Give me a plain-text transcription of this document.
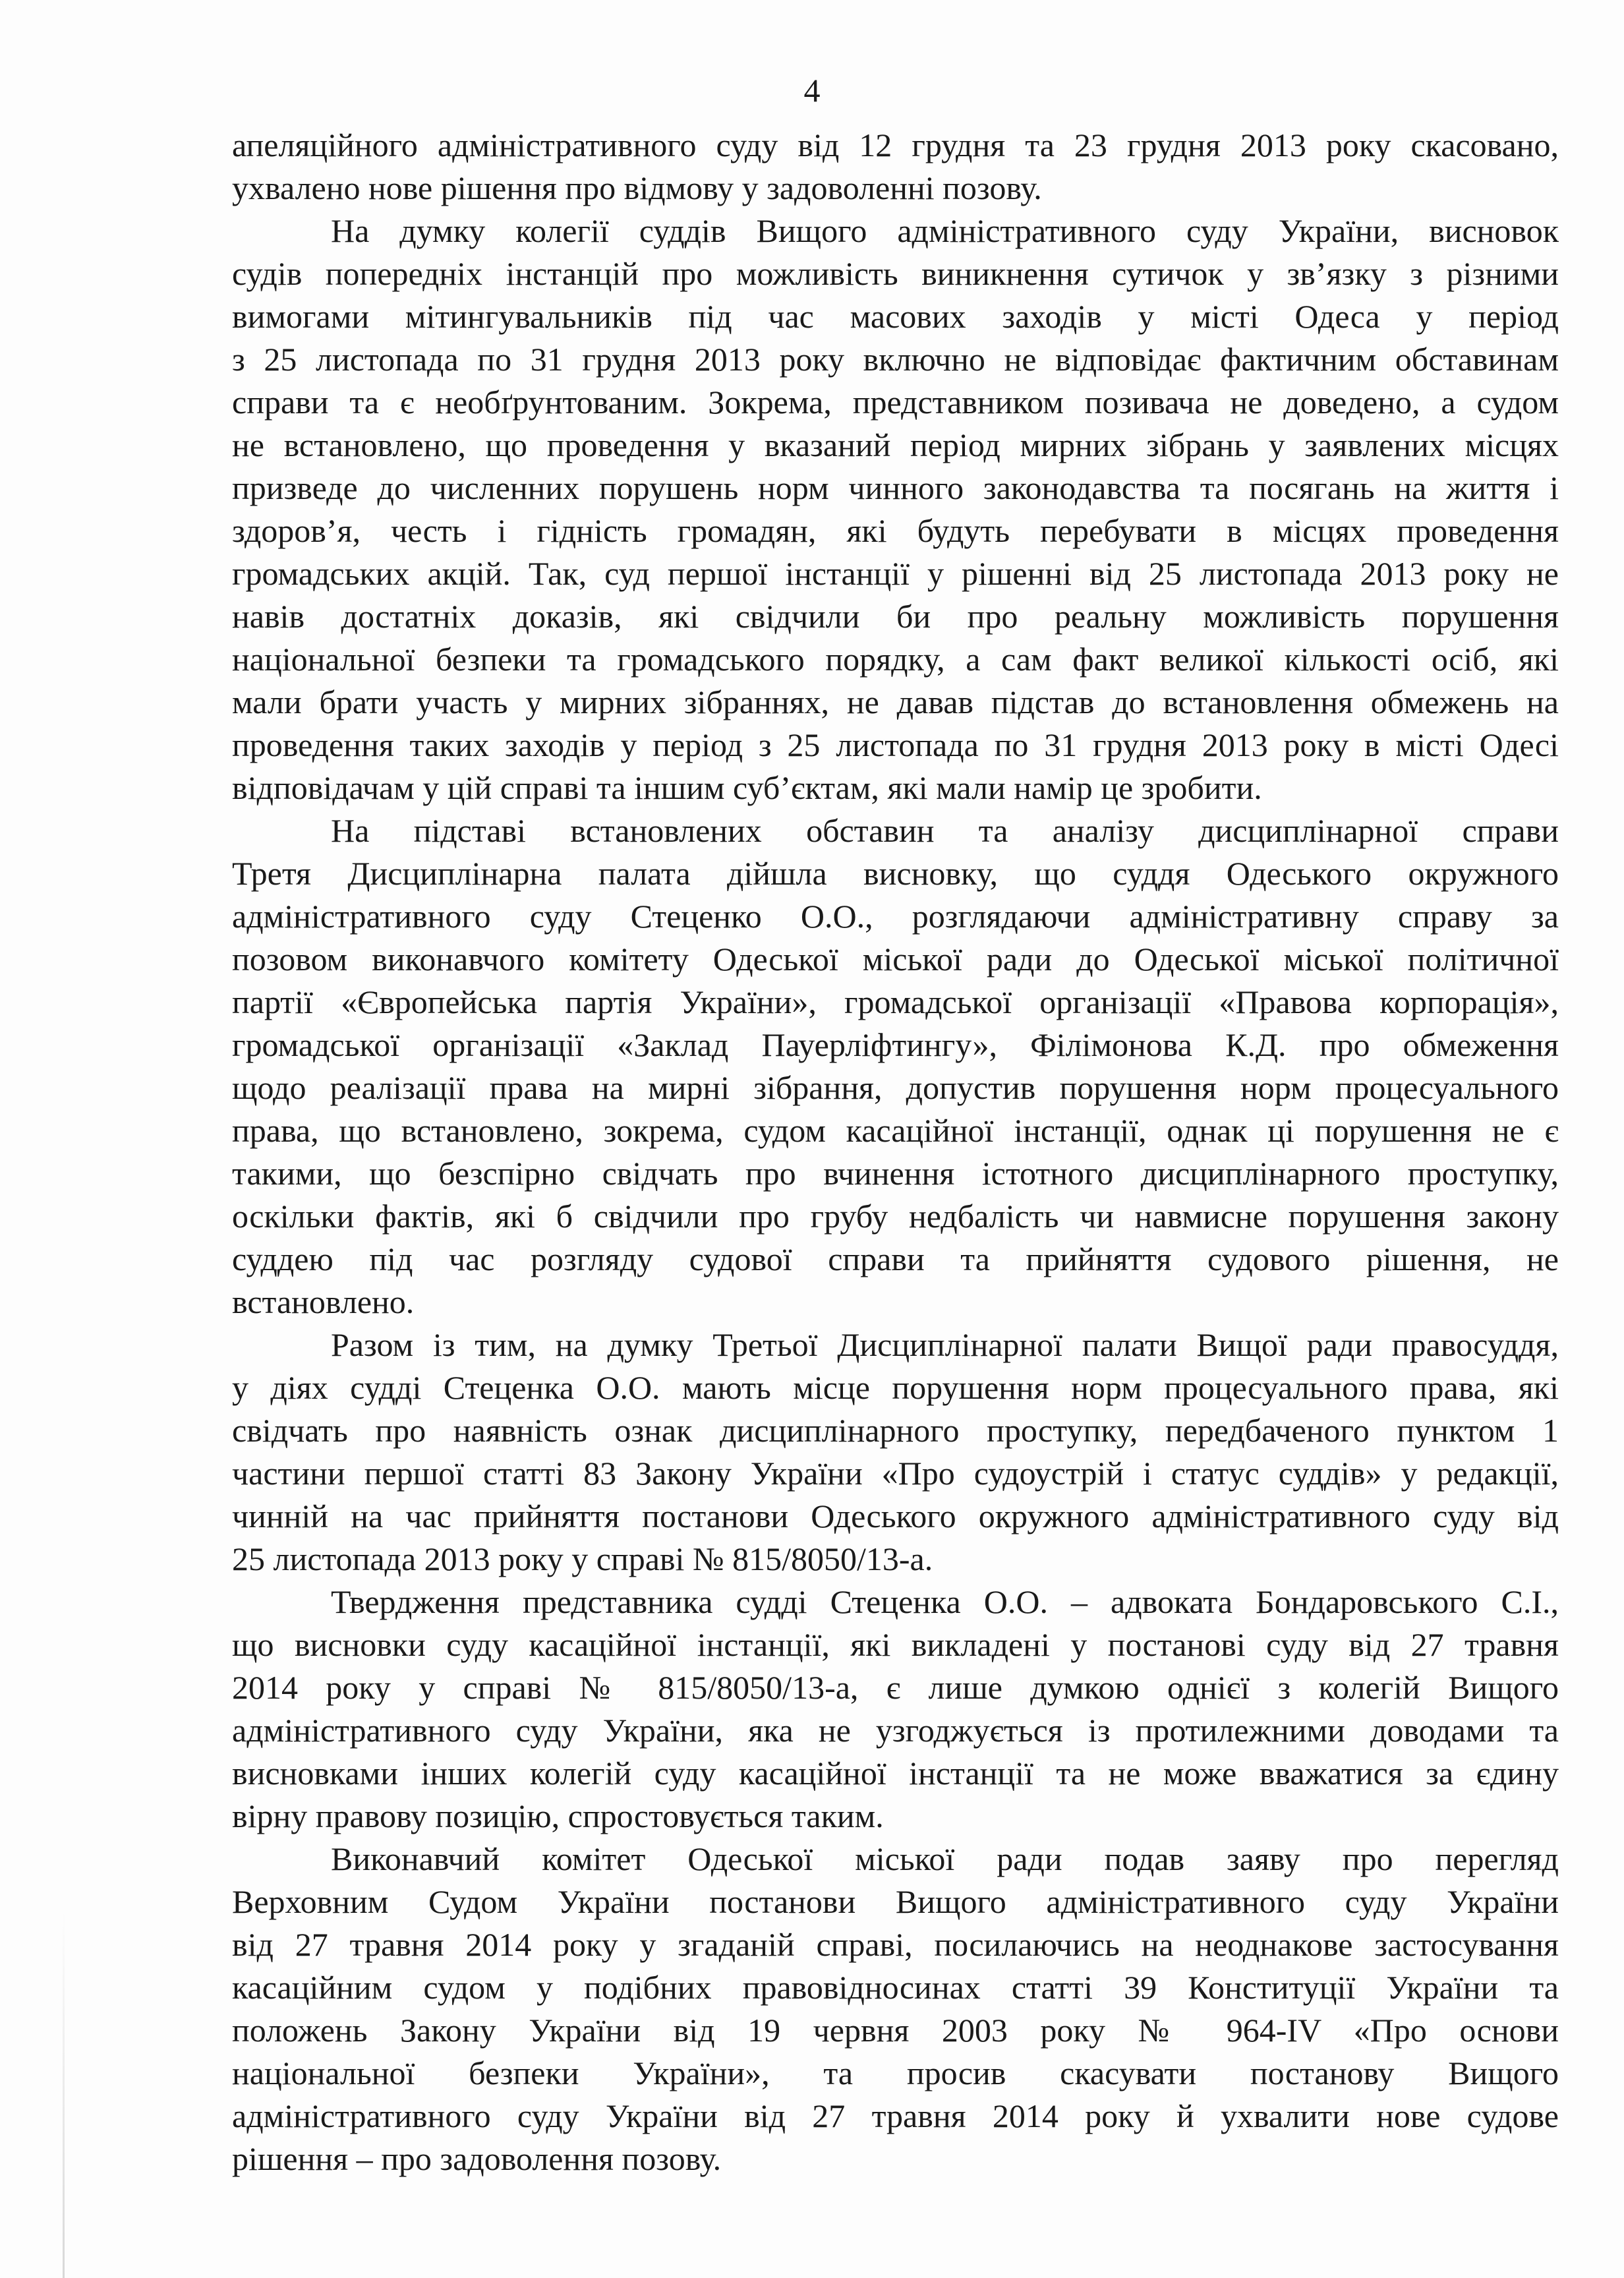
4
апеляційного адміністративного суду від 12 грудня та 23 грудня 2013 року скасовано,
ухвалено нове рішення про відмову у задоволенні позову.
На думку колегії суддів Вищого адміністративного суду України, висновок
судів попередніх інстанцій про можливість виникнення сутичок у зв’язку з різними
вимогами мітингувальників під час масових заходів у місті Одеса у період
з 25 листопада по 31 грудня 2013 року включно не відповідає фактичним обставинам
справи та є необґрунтованим. Зокрема, представником позивача не доведено, а судом
не встановлено, що проведення у вказаний період мирних зібрань у заявлених місцях
призведе до численних порушень норм чинного законодавства та посягань на життя і
здоров’я, честь і гідність громадян, які будуть перебувати в місцях проведення
громадських акцій. Так, суд першої інстанції у рішенні від 25 листопада 2013 року не
навів достатніх доказів, які свідчили би про реальну можливість порушення
національної безпеки та громадського порядку, а сам факт великої кількості осіб, які
мали брати участь у мирних зібраннях, не давав підстав до встановлення обмежень на
проведення таких заходів у період з 25 листопада по 31 грудня 2013 року в місті Одесі
відповідачам у цій справі та іншим суб’єктам, які мали намір це зробити.
На підставі встановлених обставин та аналізу дисциплінарної справи
Третя Дисциплінарна палата дійшла висновку, що суддя Одеського окружного
адміністративного суду Стеценко О.О., розглядаючи адміністративну справу за
позовом виконавчого комітету Одеської міської ради до Одеської міської політичної
партії «Європейська партія України», громадської організації «Правова корпорація»,
громадської організації «Заклад Пауерліфтингу», Філімонова К.Д. про обмеження
щодо реалізації права на мирні зібрання, допустив порушення норм процесуального
права, що встановлено, зокрема, судом касаційної інстанції, однак ці порушення не є
такими, що безспірно свідчать про вчинення істотного дисциплінарного проступку,
оскільки фактів, які б свідчили про грубу недбалість чи навмисне порушення закону
суддею під час розгляду судової справи та прийняття судового рішення, не
встановлено.
Разом із тим, на думку Третьої Дисциплінарної палати Вищої ради правосуддя,
у діях судді Стеценка О.О. мають місце порушення норм процесуального права, які
свідчать про наявність ознак дисциплінарного проступку, передбаченого пунктом 1
частини першої статті 83 Закону України «Про судоустрій і статус суддів» у редакції,
чинній на час прийняття постанови Одеського окружного адміністративного суду від
25 листопада 2013 року у справі № 815/8050/13-а.
Твердження представника судді Стеценка О.О. – адвоката Бондаровського С.І.,
що висновки суду касаційної інстанції, які викладені у постанові суду від 27 травня
2014 року у справі № 815/8050/13-а, є лише думкою однієї з колегій Вищого
адміністративного суду України, яка не узгоджується із протилежними доводами та
висновками інших колегій суду касаційної інстанції та не може вважатися за єдину
вірну правову позицію, спростовується таким.
Виконавчий комітет Одеської міської ради подав заяву про перегляд
Верховним Судом України постанови Вищого адміністративного суду України
від 27 травня 2014 року у згаданій справі, посилаючись на неоднакове застосування
касаційним судом у подібних правовідносинах статті 39 Конституції України та
положень Закону України від 19 червня 2003 року № 964-IV «Про основи
національної безпеки України», та просив скасувати постанову Вищого
адміністративного суду України від 27 травня 2014 року й ухвалити нове судове
рішення – про задоволення позову.
